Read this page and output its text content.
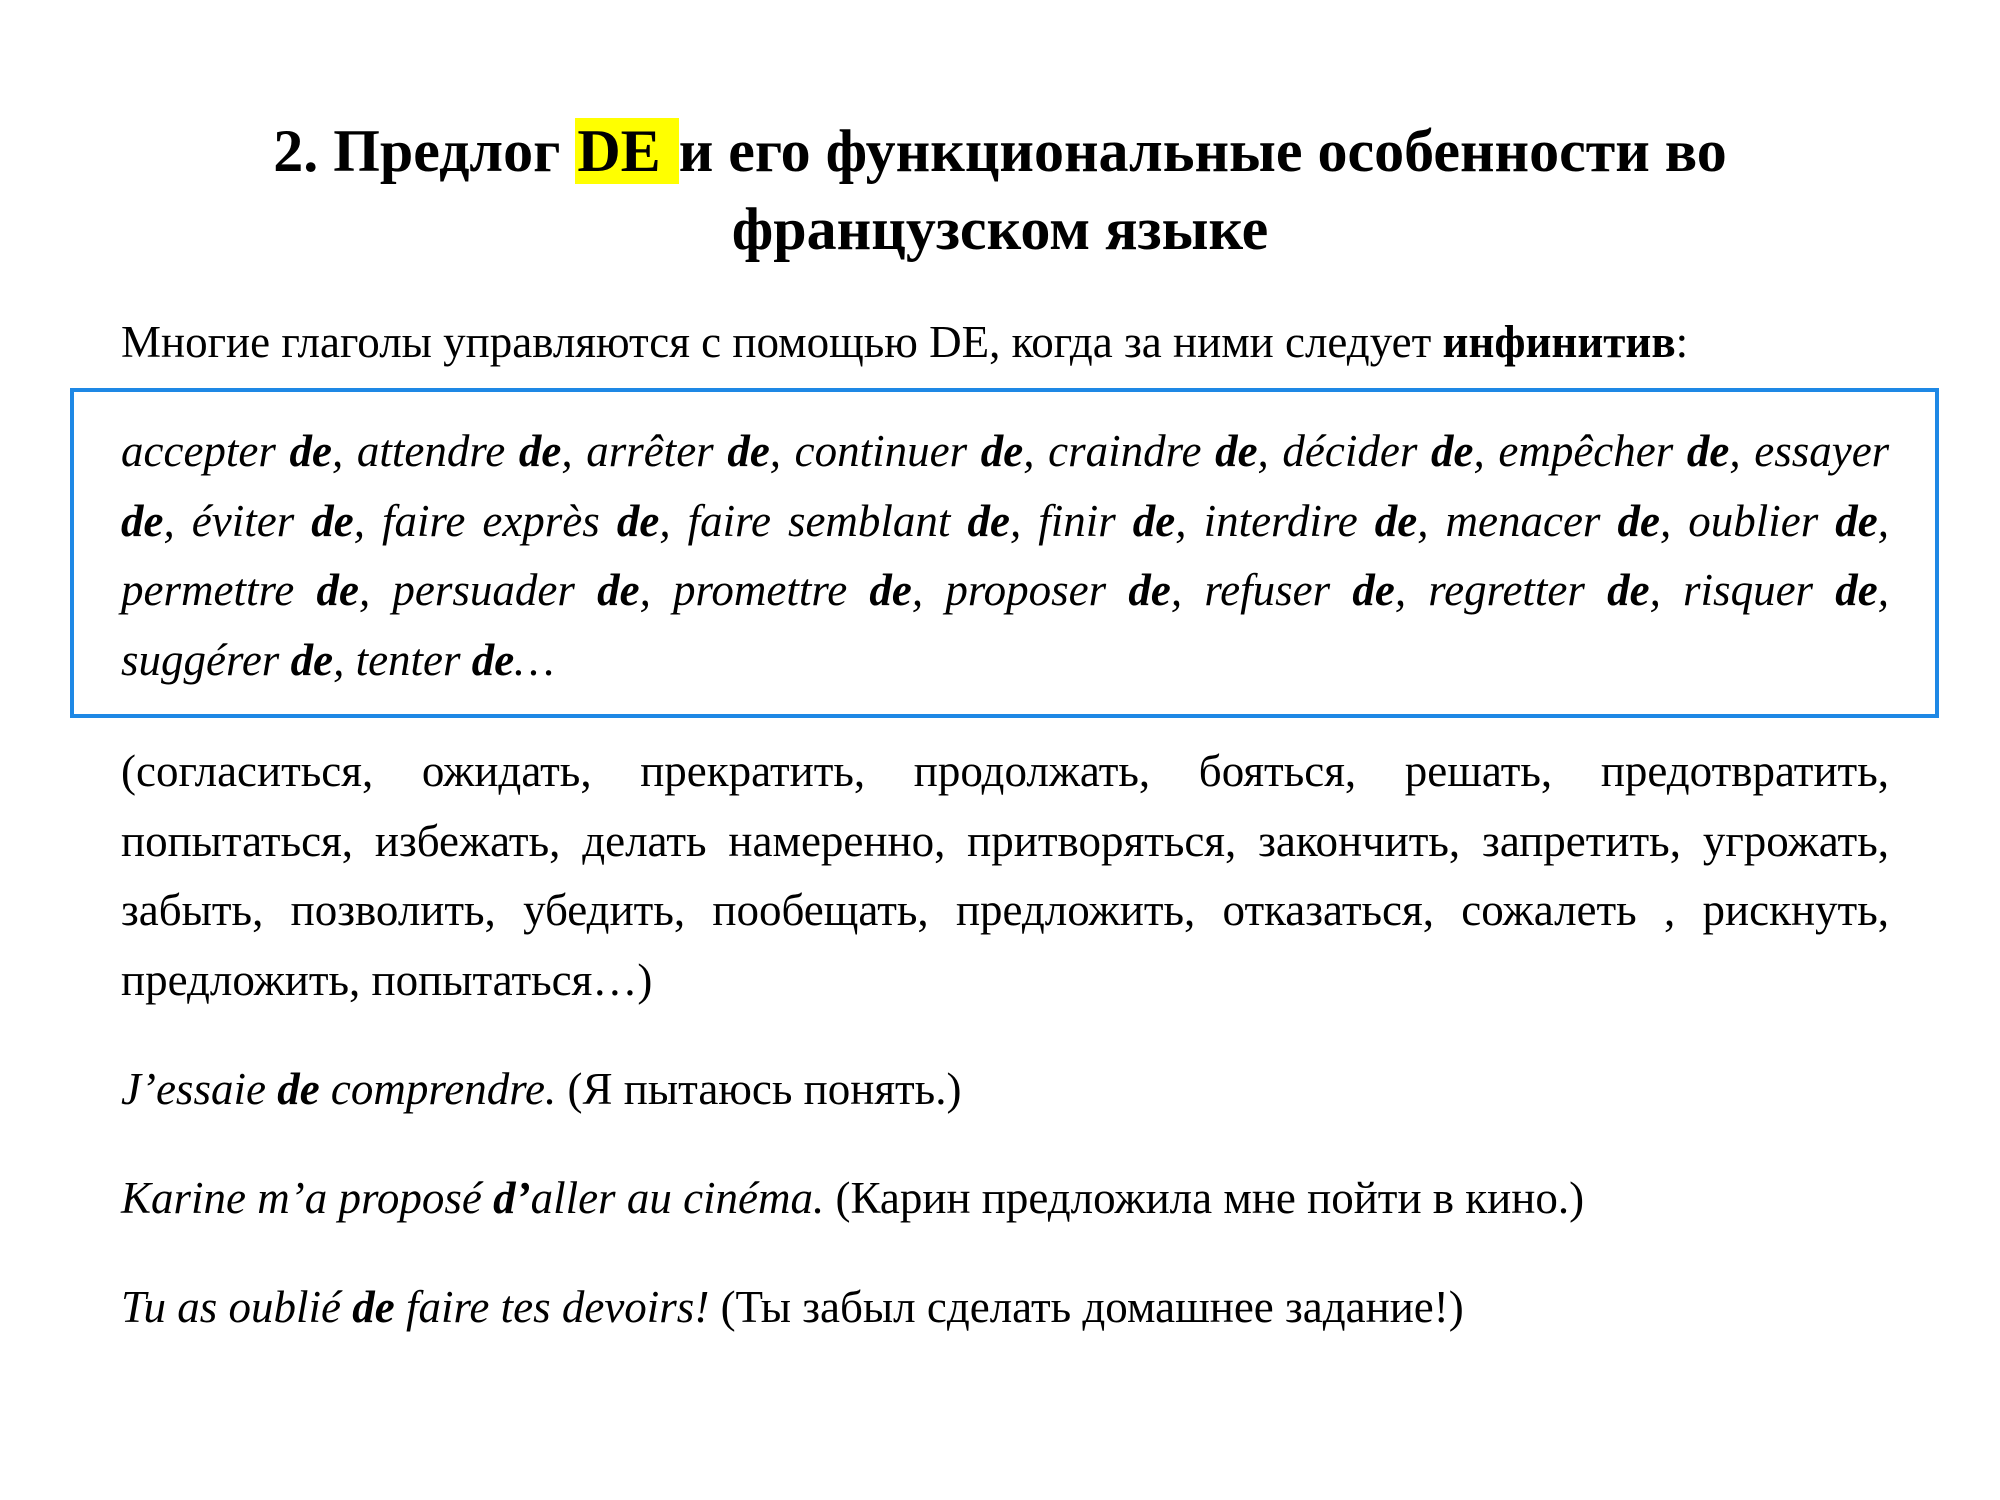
2. Предлог DE и его функциональные особенности во французском языке

Многие глаголы управляются с помощью DE, когда за ними следует инфинитив:

accepter de, attendre de, arrêter de, continuer de, craindre de, décider de, empêcher de, essayer de, éviter de, faire exprès de, faire semblant de, finir de, interdire de, menacer de, oublier de, permettre de, persuader de, promettre de, proposer de, refuser de, regretter de, risquer de, suggérer de, tenter de…

(согласиться, ожидать, прекратить, продолжать, бояться, решать, предотвратить, попытаться, избежать, делать намеренно, притворяться, закончить, запретить, угрожать, забыть, позволить, убедить, пообещать, предложить, отказаться, сожалеть , рискнуть, предложить, попытаться…)

J’essaie de comprendre. (Я пытаюсь понять.)

Karine m’a proposé d’aller au cinéma. (Карин предложила мне пойти в кино.)

Tu as oublié de faire tes devoirs! (Ты забыл сделать домашнее задание!)
